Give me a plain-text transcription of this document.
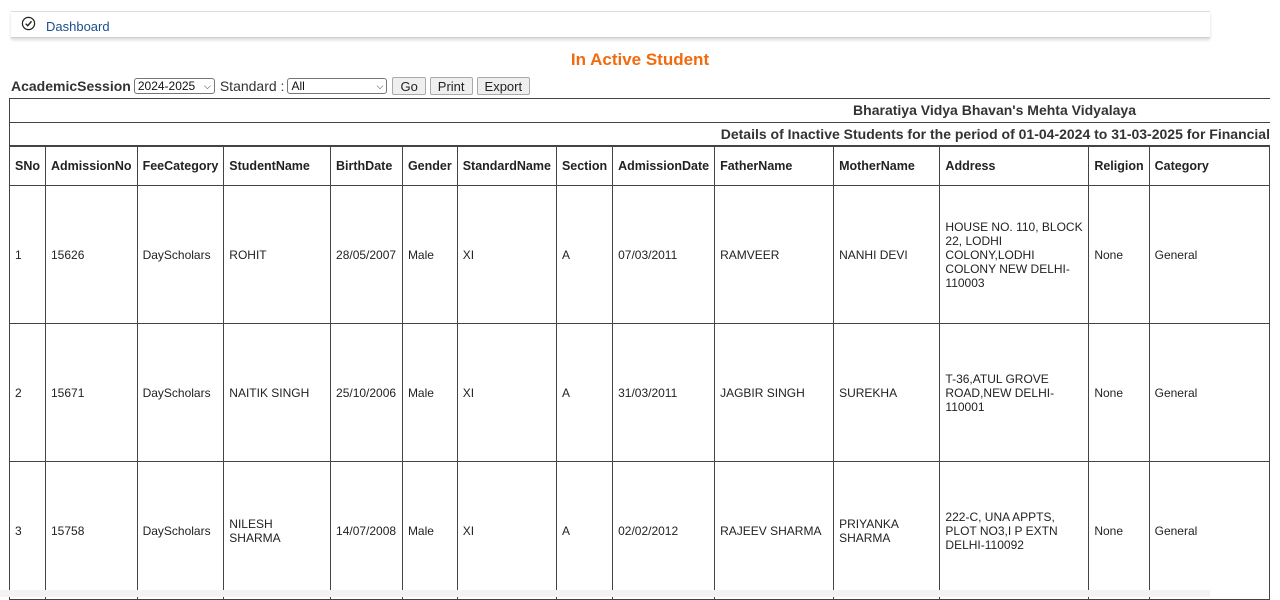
Dashboard
In Active Student
AcademicSession 2024-2025 ⌵ Standard : All	⌵	Go	Print	Export
Bharatiya Vidya Bhavan's Mehta Vidyalaya
Details of Inactive Students for the period of 01-04-2024 to 31-03-2025 for Financial
SNo	AdmissionNo	FeeCategory	StudentName	BirthDate	Gender	StandardName	Section	AdmissionDate	FatherName	MotherName	Address	Religion	Category
1	15626	DayScholars	ROHIT	28/05/2007	Male	XI	A	07/03/2011	RAMVEER	NANHI DEVI	HOUSE NO. 110, BLOCK 22, LODHI COLONY,LODHI COLONY NEW DELHI-110003	None	General
2	15671	DayScholars	NAITIK SINGH	25/10/2006	Male	XI	A	31/03/2011	JAGBIR SINGH	SUREKHA	T-36,ATUL GROVE ROAD,NEW DELHI-110001	None	General
3	15758	DayScholars	NILESH SHARMA	14/07/2008	Male	XI	A	02/02/2012	RAJEEV SHARMA	PRIYANKA SHARMA	222-C, UNA APPTS, PLOT NO3,I P EXTN DELHI-110092	None	General
